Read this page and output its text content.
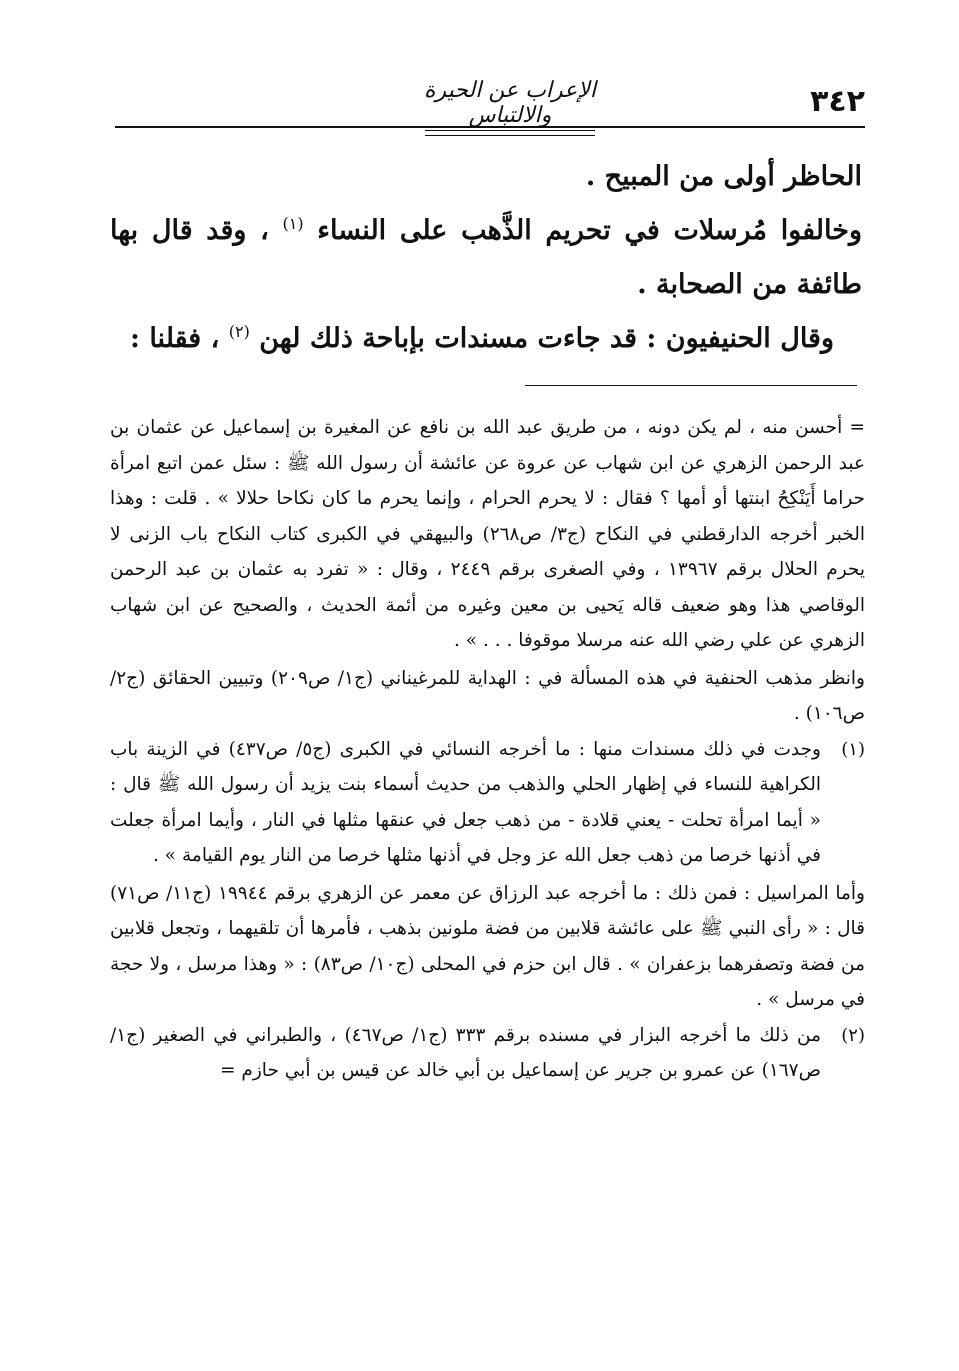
٣٤٢
الإعراب عن الحيرة والالتباس

الحاظر أولى من المبيح .

وخالفوا مُرسلات في تحريم الذَّهب على النساء $^{(١)}$ ، وقد قال بها طائفة من الصحابة .

وقال الحنيفيون : قد جاءت مسندات بإباحة ذلك لهن $^{(٢)}$ ، فقلنا :

= أحسن منه ، لم يكن دونه ، من طريق عبد الله بن نافع عن المغيرة بن إسماعيل عن عثمان بن عبد الرحمن الزهري عن ابن شهاب عن عروة عن عائشة أن رسول الله ﷺ : سئل عمن اتبع امرأة حراما أَيَنْكِحُ ابنتها أو أمها ؟ فقال : لا يحرم الحرام ، وإنما يحرم ما كان نكاحا حلالا » . قلت : وهذا الخبر أخرجه الدارقطني في النكاح (ج٣/ ص٢٦٨) والبيهقي في الكبرى كتاب النكاح باب الزنى لا يحرم الحلال برقم ١٣٩٦٧ ، وفي الصغرى برقم ٢٤٤٩ ، وقال : « تفرد به عثمان بن عبد الرحمن الوقاصي هذا وهو ضعيف قاله يَحيى بن معين وغيره من أئمة الحديث ، والصحيح عن ابن شهاب الزهري عن علي رضي الله عنه مرسلا موقوفا . . . » .

وانظر مذهب الحنفية في هذه المسألة في : الهداية للمرغيناني (ج١/ ص٢٠٩) وتبيين الحقائق (ج٢/ ص١٠٦) .

(١)

وجدت في ذلك مسندات منها : ما أخرجه النسائي في الكبرى (ج٥/ ص٤٣٧) في الزينة باب الكراهية للنساء في إظهار الحلي والذهب من حديث أسماء بنت يزيد أن رسول الله ﷺ قال : « أيما امرأة تحلت - يعني قلادة - من ذهب جعل في عنقها مثلها في النار ، وأيما امرأة جعلت في أذنها خرصا من ذهب جعل الله عز وجل في أذنها مثلها خرصا من النار يوم القيامة » .

وأما المراسيل : فمن ذلك : ما أخرجه عبد الرزاق عن معمر عن الزهري برقم ١٩٩٤٤ (ج١١/ ص٧١) قال : « رأى النبي ﷺ على عائشة قلابين من فضة ملونين بذهب ، فأمرها أن تلقيهما ، وتجعل قلابين من فضة وتصفرهما بزعفران » . قال ابن حزم في المحلى (ج١٠/ ص٨٣) : « وهذا مرسل ، ولا حجة في مرسل » .

(٢)

من ذلك ما أخرجه البزار في مسنده برقم ٣٣٣ (ج١/ ص٤٦٧) ، والطبراني في الصغير (ج١/ ص١٦٧) عن عمرو بن جرير عن إسماعيل بن أبي خالد عن قيس بن أبي حازم =
